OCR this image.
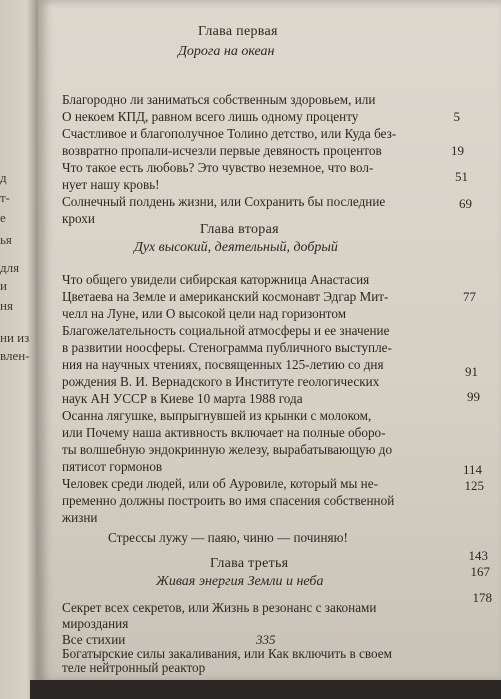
д
т-
е
ья
для
и
ня
ни из
влен-
Глава первая
Дорога на океан
Благородно ли заниматься собственным здоровьем, или
О некоем КПД, равном всего лишь одному проценту	5
Счастливое и благополучное Толино детство, или Куда без-
возвратно пропали-исчезли первые девяность процентов	19
Что такое есть любовь? Это чувство неземное, что вол-
нует нашу кровь!
51
Солнечный полдень жизни, или Сохранить бы последние
крохи
69
Глава вторая
Дух высокий, деятельный, добрый
Что общего увидели сибирская каторжница Анастасия
Цветаева на Земле и американский космонавт Эдгар Мит-
челл на Луне, или О высокой цели над горизонтом
77
Благожелательность социальной атмосферы и ее значение
в развитии ноосферы. Стенограмма публичного выступле-
ния на научных чтениях, посвященных 125-летию со дня
рождения В. И. Вернадского в Институте геологических
наук АН УССР в Киеве 10 марта 1988 года
91
Осанна лягушке, выпрыгнувшей из крынки с молоком,
или Почему наша активность включает на полные оборо-
ты волшебную эндокринную железу, вырабатывающую до
пятисот гормонов
99
Человек среди людей, или об Ауровиле, который мы не-
пременно должны построить во имя спасения собственной
жизни
114
Стрессы лужу — паяю, чиню — починяю!
125
Глава третья
Живая энергия Земли и неба
Секрет всех секретов, или Жизнь в резонанс с законами
мироздания
143
Все стихии
167
Богатырские силы закаливания, или Как включить в своем
теле нейтронный реактор
178
335
